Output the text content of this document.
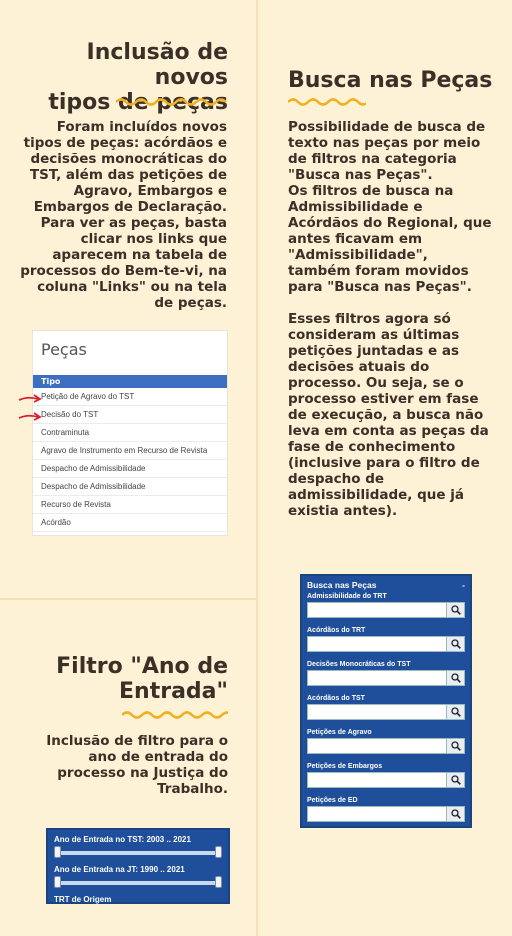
Inclusão de novos
tipos de peças
Foram incluídos novos
tipos de peças: acórdãos e
decisões monocráticas do
TST, além das petições de
Agravo, Embargos e
Embargos de Declaração.
Para ver as peças, basta
clicar nos links que
aparecem na tabela de
processos do Bem-te-vi, na
coluna "Links" ou na tela
de peças.
Peças
Tipo
Petição de Agravo do TST
Decisão do TST
Contraminuta
Agravo de Instrumento em Recurso de Revista
Despacho de Admissibilidade
Despacho de Admissibilidade
Recurso de Revista
Acórdão
Busca nas Peças
Possibilidade de busca de
texto nas peças por meio
de filtros na categoria
"Busca nas Peças".
Os filtros de busca na
Admissibilidade e
Acórdãos do Regional, que
antes ficavam em
"Admissibilidade",
também foram movidos
para "Busca nas Peças".
Esses filtros agora só
consideram as últimas
petições juntadas e as
decisões atuais do
processo. Ou seja, se o
processo estiver em fase
de execução, a busca não
leva em conta as peças da
fase de conhecimento
(inclusive para o filtro de
despacho de
admissibilidade, que já
existia antes).
Busca nas Peças	-
Admissibilidade do TRT
Acórdãos do TRT
Decisões Monocráticas do TST
Acórdãos do TST
Petições de Agravo
Petições de Embargos
Petições de ED
Filtro "Ano de
Entrada"
Inclusão de filtro para o
ano de entrada do
processo na Justiça do
Trabalho.
Ano de Entrada no TST: 2003 .. 2021
Ano de Entrada na JT: 1990 .. 2021
TRT de Origem
